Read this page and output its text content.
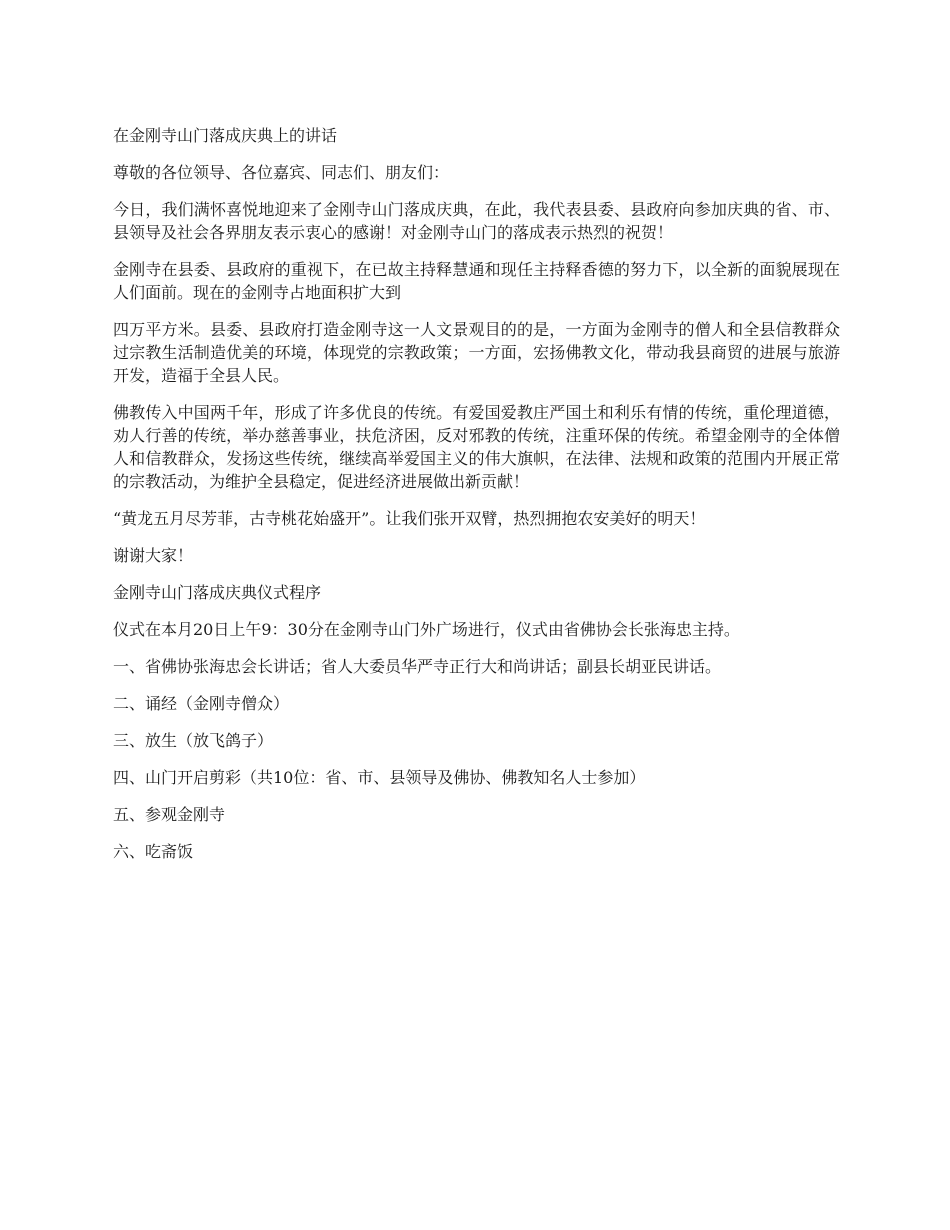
在金刚寺山门落成庆典上的讲话

尊敬的各位领导、各位嘉宾、同志们、朋友们：

今日，我们满怀喜悦地迎来了金刚寺山门落成庆典，在此，我代表县委、县政府向参加庆典的省、市、县领导及社会各界朋友表示衷心的感谢！对金刚寺山门的落成表示热烈的祝贺！

金刚寺在县委、县政府的重视下，在已故主持释慧通和现任主持释香德的努力下，以全新的面貌展现在人们面前。现在的金刚寺占地面积扩大到

四万平方米。县委、县政府打造金刚寺这一人文景观目的的是，一方面为金刚寺的僧人和全县信教群众过宗教生活制造优美的环境，体现党的宗教政策；一方面，宏扬佛教文化，带动我县商贸的进展与旅游开发，造福于全县人民。

佛教传入中国两千年，形成了许多优良的传统。有爱国爱教庄严国土和利乐有情的传统，重伦理道德，劝人行善的传统，举办慈善事业，扶危济困，反对邪教的传统，注重环保的传统。希望金刚寺的全体僧人和信教群众，发扬这些传统，继续高举爱国主义的伟大旗帜，在法律、法规和政策的范围内开展正常的宗教活动，为维护全县稳定，促进经济进展做出新贡献！

“黄龙五月尽芳菲，古寺桃花始盛开”。让我们张开双臂，热烈拥抱农安美好的明天！

谢谢大家！

金刚寺山门落成庆典仪式程序

仪式在本月20日上午9：30分在金刚寺山门外广场进行，仪式由省佛协会长张海忠主持。

一、省佛协张海忠会长讲话；省人大委员华严寺正行大和尚讲话；副县长胡亚民讲话。

二、诵经（金刚寺僧众）

三、放生（放飞鸽子）

四、山门开启剪彩（共10位：省、市、县领导及佛协、佛教知名人士参加）

五、参观金刚寺

六、吃斋饭
